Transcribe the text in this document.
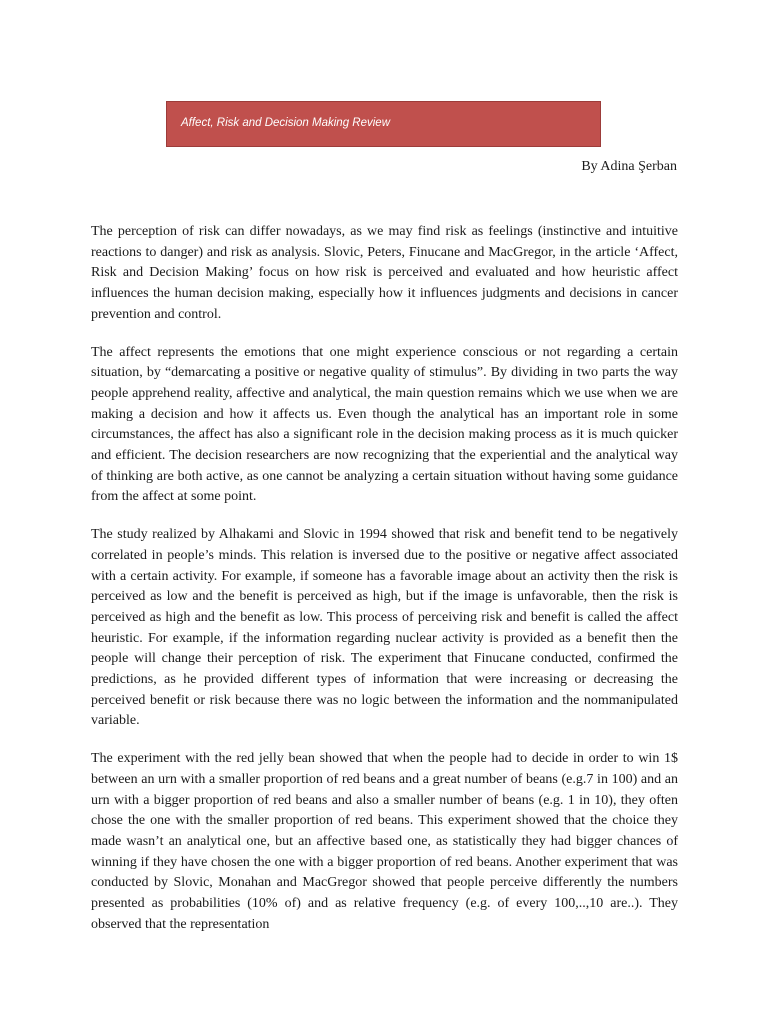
Affect, Risk and Decision Making Review
By Adina Şerban

The perception of risk can differ nowadays, as we may find risk as feelings (instinctive and intuitive reactions to danger) and risk as analysis. Slovic, Peters, Finucane and MacGregor, in the article ‘Affect, Risk and Decision Making’ focus on how risk is perceived and evaluated and how heuristic affect influences the human decision making, especially how it influences judgments and decisions in cancer prevention and control.

The affect represents the emotions that one might experience conscious or not regarding a certain situation, by “demarcating a positive or negative quality of stimulus”. By dividing in two parts the way people apprehend reality, affective and analytical, the main question remains which we use when we are making a decision and how it affects us. Even though the analytical has an important role in some circumstances, the affect has also a significant role in the decision making process as it is much quicker and efficient. The decision researchers are now recognizing that the experiential and the analytical way of thinking are both active, as one cannot be analyzing a certain situation without having some guidance from the affect at some point.

The study realized by Alhakami and Slovic in 1994 showed that risk and benefit tend to be negatively correlated in people’s minds. This relation is inversed due to the positive or negative affect associated with a certain activity. For example, if someone has a favorable image about an activity then the risk is perceived as low and the benefit is perceived as high, but if the image is unfavorable, then the risk is perceived as high and the benefit as low. This process of perceiving risk and benefit is called the affect heuristic. For example, if the information regarding nuclear activity is provided as a benefit then the people will change their perception of risk. The experiment that Finucane conducted, confirmed the predictions, as he provided different types of information that were increasing or decreasing the perceived benefit or risk because there was no logic between the information and the nommanipulated variable.

The experiment with the red jelly bean showed that when the people had to decide in order to win 1$ between an urn with a smaller proportion of red beans and a great number of beans (e.g.7 in 100) and an urn with a bigger proportion of red beans and also a smaller number of beans (e.g. 1 in 10), they often chose the one with the smaller proportion of red beans. This experiment showed that the choice they made wasn’t an analytical one, but an affective based one, as statistically they had bigger chances of winning if they have chosen the one with a bigger proportion of red beans. Another experiment that was conducted by Slovic, Monahan and MacGregor showed that people perceive differently the numbers presented as probabilities (10% of) and as relative frequency (e.g. of every 100,..,10 are..). They observed that the representation
